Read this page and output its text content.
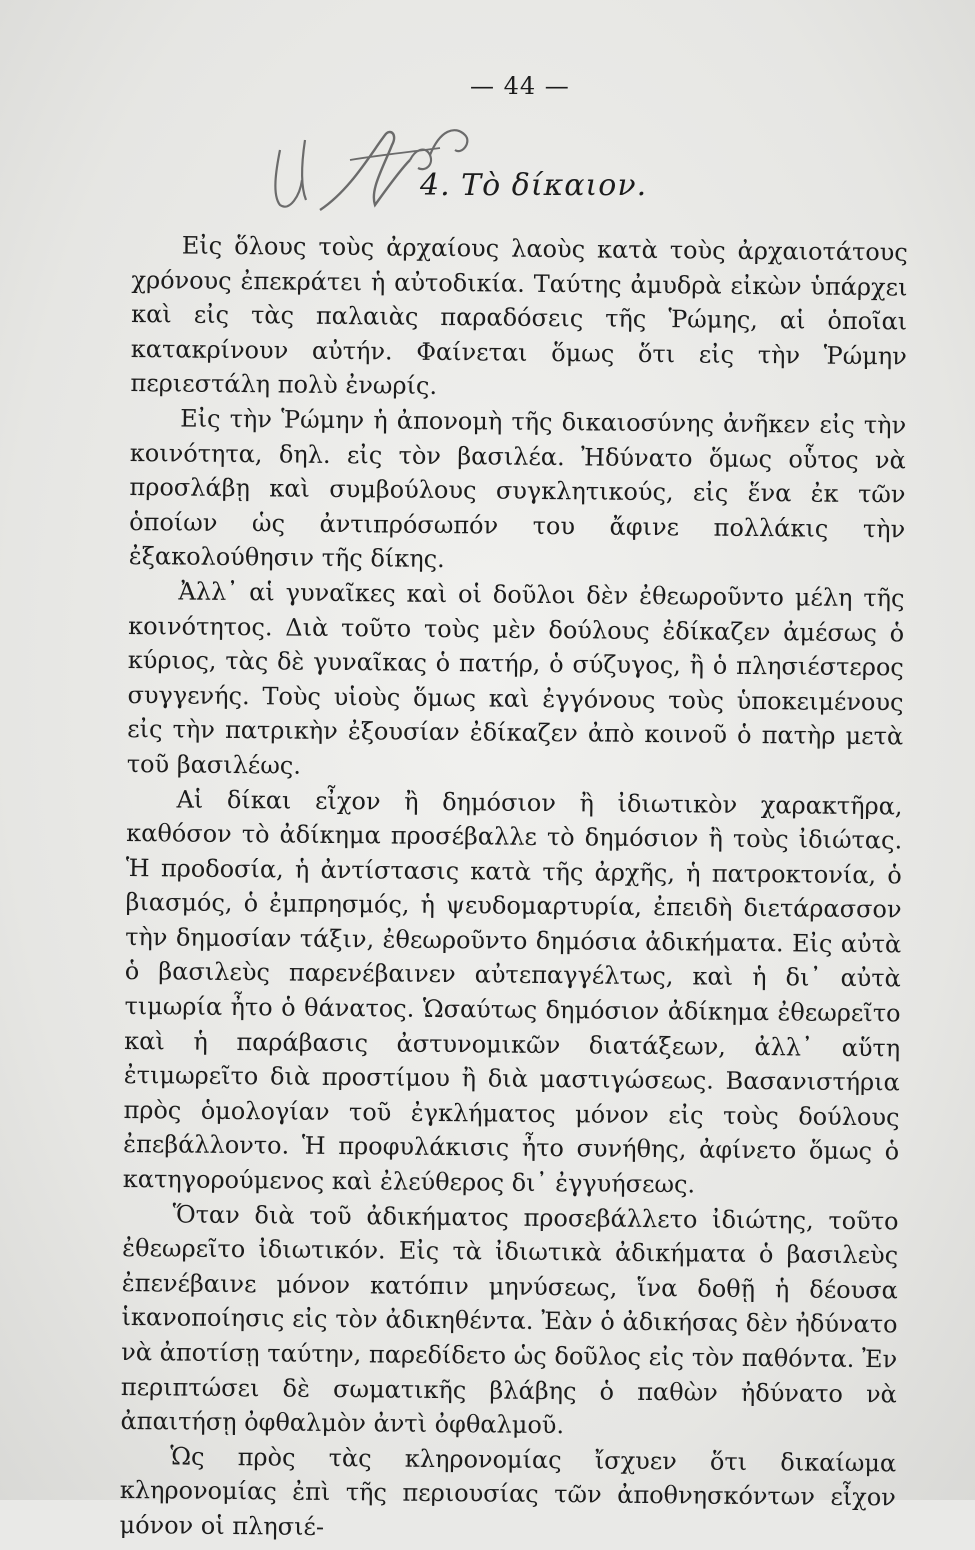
— 44 —
4. Τὸ δίκαιον.

Εἰς ὅλους τοὺς ἀρχαίους λαοὺς κατὰ τοὺς ἀρχαιοτάτους χρόνους ἐπεκράτει ἡ αὐτοδικία. Ταύτης ἀμυδρὰ εἰκὼν ὑπάρχει καὶ εἰς τὰς παλαιὰς παραδόσεις τῆς Ῥώμης, αἱ ὁποῖαι κατακρίνουν αὐτήν. Φαίνεται ὅμως ὅτι εἰς τὴν Ῥώμην περιεστάλη πολὺ ἐνωρίς.

Εἰς τὴν Ῥώμην ἡ ἀπονομὴ τῆς δικαιοσύνης ἀνῆκεν εἰς τὴν κοινότητα, δηλ. εἰς τὸν βασιλέα. Ἠδύνατο ὅμως οὗτος νὰ προσλάβῃ καὶ συμβούλους συγκλητικούς, εἰς ἕνα ἐκ τῶν ὁποίων ὡς ἀντιπρόσωπόν του ἄφινε πολλάκις τὴν ἐξακολούθησιν τῆς δίκης.

Ἀλλ᾽ αἱ γυναῖκες καὶ οἱ δοῦλοι δὲν ἐθεωροῦντο μέλη τῆς κοινότητος. Διὰ τοῦτο τοὺς μὲν δούλους ἐδίκαζεν ἀμέσως ὁ κύριος, τὰς δὲ γυναῖκας ὁ πατήρ, ὁ σύζυγος, ἢ ὁ πλησιέστερος συγγενής. Τοὺς υἱοὺς ὅμως καὶ ἐγγόνους τοὺς ὑποκειμένους εἰς τὴν πατρικὴν ἐξουσίαν ἐδίκαζεν ἀπὸ κοινοῦ ὁ πατὴρ μετὰ τοῦ βασιλέως.

Αἱ δίκαι εἶχον ἢ δημόσιον ἢ ἰδιωτικὸν χαρακτῆρα, καθόσον τὸ ἀδίκημα προσέβαλλε τὸ δημόσιον ἢ τοὺς ἰδιώτας. Ἡ προδοσία, ἡ ἀντίστασις κατὰ τῆς ἀρχῆς, ἡ πατροκτονία, ὁ βιασμός, ὁ ἐμπρησμός, ἡ ψευδομαρτυρία, ἐπειδὴ διετάρασσον τὴν δημοσίαν τάξιν, ἐθεωροῦντο δημόσια ἀδικήματα. Εἰς αὐτὰ ὁ βασιλεὺς παρενέβαινεν αὐτεπαγγέλτως, καὶ ἡ δι᾽ αὐτὰ τιμωρία ἦτο ὁ θάνατος. Ὡσαύτως δημόσιον ἀδίκημα ἐθεωρεῖτο καὶ ἡ παράβασις ἀστυνομικῶν διατάξεων, ἀλλ᾽ αὕτη ἐτιμωρεῖτο διὰ προστίμου ἢ διὰ μαστιγώσεως. Βασανιστήρια πρὸς ὁμολογίαν τοῦ ἐγκλήματος μόνον εἰς τοὺς δούλους ἐπεβάλλοντο. Ἡ προφυλάκισις ἦτο συνήθης, ἀφίνετο ὅμως ὁ κατηγορούμενος καὶ ἐλεύθερος δι᾽ ἐγγυήσεως.

Ὅταν διὰ τοῦ ἀδικήματος προσεβάλλετο ἰδιώτης, τοῦτο ἐθεωρεῖτο ἰδιωτικόν. Εἰς τὰ ἰδιωτικὰ ἀδικήματα ὁ βασιλεὺς ἐπενέβαινε μόνον κατόπιν μηνύσεως, ἵνα δοθῇ ἡ δέουσα ἱκανοποίησις εἰς τὸν ἀδικηθέντα. Ἐὰν ὁ ἀδικήσας δὲν ἠδύνατο νὰ ἀποτίσῃ ταύτην, παρεδίδετο ὡς δοῦλος εἰς τὸν παθόντα. Ἐν περιπτώσει δὲ σωματικῆς βλάβης ὁ παθὼν ἠδύνατο νὰ ἀπαιτήσῃ ὀφθαλμὸν ἀντὶ ὀφθαλμοῦ.

Ὡς πρὸς τὰς κληρονομίας ἴσχυεν ὅτι δικαίωμα κληρονομίας ἐπὶ τῆς περιουσίας τῶν ἀποθνησκόντων εἶχον μόνον οἱ πλησιέ-
